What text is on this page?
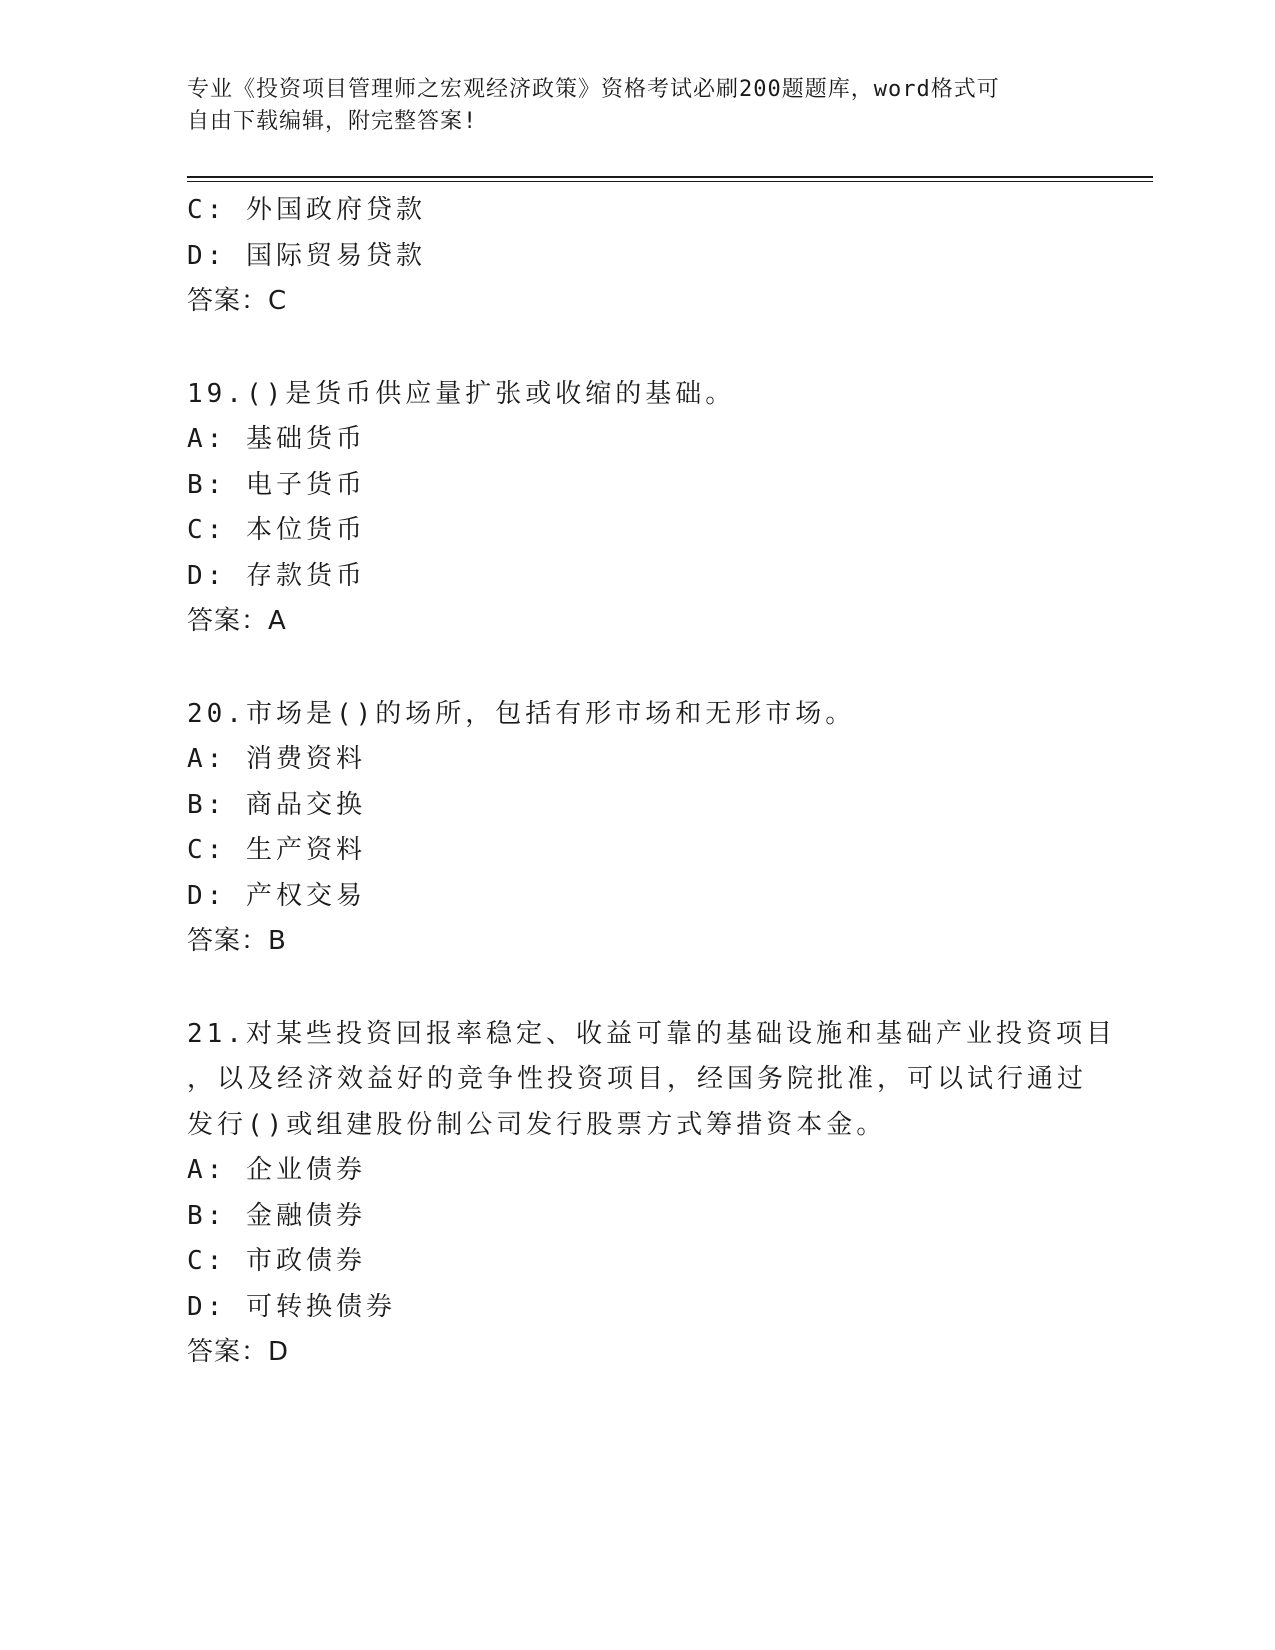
专业《投资项目管理师之宏观经济政策》资格考试必刷200题题库，word格式可
自由下载编辑，附完整答案!
C: 外国政府贷款
D: 国际贸易贷款
答案：C
19.()是货币供应量扩张或收缩的基础。
A: 基础货币
B: 电子货币
C: 本位货币
D: 存款货币
答案：A
20.市场是()的场所，包括有形市场和无形市场。
A: 消费资料
B: 商品交换
C: 生产资料
D: 产权交易
答案：B
21.对某些投资回报率稳定、收益可靠的基础设施和基础产业投资项目
，以及经济效益好的竞争性投资项目，经国务院批准，可以试行通过
发行()或组建股份制公司发行股票方式筹措资本金。
A: 企业债券
B: 金融债券
C: 市政债券
D: 可转换债券
答案：D
